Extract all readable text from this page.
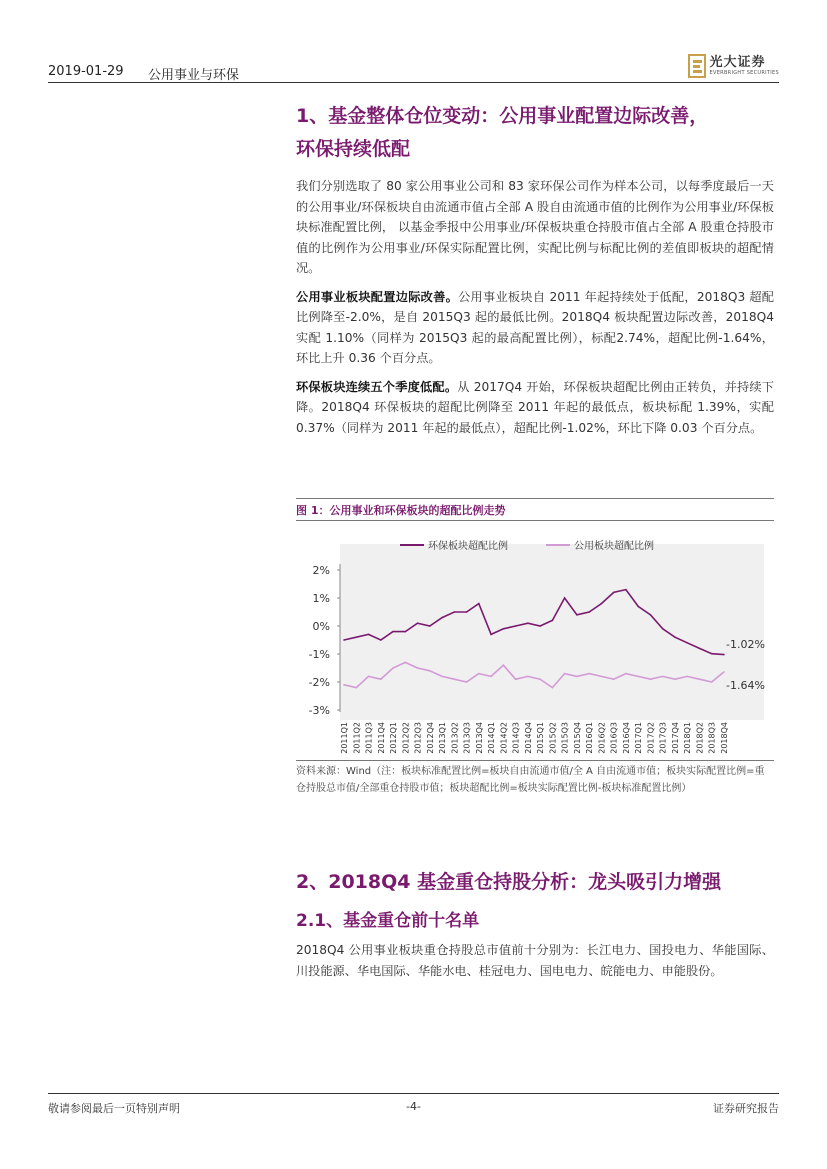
2019-01-29 公用事业与环保
光大证券
EVERBRIGHT SECURITIES
1、基金整体仓位变动：公用事业配置边际改善，
环保持续低配

我们分别选取了 80 家公用事业公司和 83 家环保公司作为样本公司，以每季度最后一天的公用事业/环保板块自由流通市值占全部 A 股自由流通市值的比例作为公用事业/环保板块标准配置比例， 以基金季报中公用事业/环保板块重仓持股市值占全部 A 股重仓持股市值的比例作为公用事业/环保实际配置比例，实配比例与标配比例的差值即板块的超配情况。

公用事业板块配置边际改善。公用事业板块自 2011 年起持续处于低配，2018Q3 超配比例降至-2.0%，是自 2015Q3 起的最低比例。2018Q4 板块配置边际改善，2018Q4 实配 1.10%（同样为 2015Q3 起的最高配置比例），标配2.74%，超配比例-1.64%，环比上升 0.36 个百分点。

环保板块连续五个季度低配。从 2017Q4 开始，环保板块超配比例由正转负，并持续下降。2018Q4 环保板块的超配比例降至 2011 年起的最低点，板块标配 1.39%，实配 0.37%（同样为 2011 年起的最低点），超配比例-1.02%，环比下降 0.03 个百分点。

图 1：公用事业和环保板块的超配比例走势
环保板块超配比例	公用板块超配比例
2%
1%
0%
-1%
-2%
-3%
2011Q1 2011Q2 2011Q3 2011Q4 2012Q1 2012Q2 2012Q3 2012Q4 2013Q1 2013Q2 2013Q3 2013Q4 2014Q1 2014Q2 2014Q3 2014Q4 2015Q1 2015Q2 2015Q3 2015Q4 2016Q1 2016Q2 2016Q3 2016Q4 2017Q1 2017Q2 2017Q3 2017Q4 2018Q1 2018Q2 2018Q3 2018Q4
-1.02%
-1.64%
资料来源：Wind（注：板块标准配置比例=板块自由流通市值/全 A 自由流通市值；板块实际配置比例=重仓持股总市值/全部重仓持股市值；板块超配比例=板块实际配置比例-板块标准配置比例）
2、2018Q4 基金重仓持股分析：龙头吸引力增强
2.1、基金重仓前十名单

2018Q4 公用事业板块重仓持股总市值前十分别为：长江电力、国投电力、华能国际、川投能源、华电国际、华能水电、桂冠电力、国电电力、皖能电力、申能股份。

敬请参阅最后一页特别声明	-4-	证券研究报告
